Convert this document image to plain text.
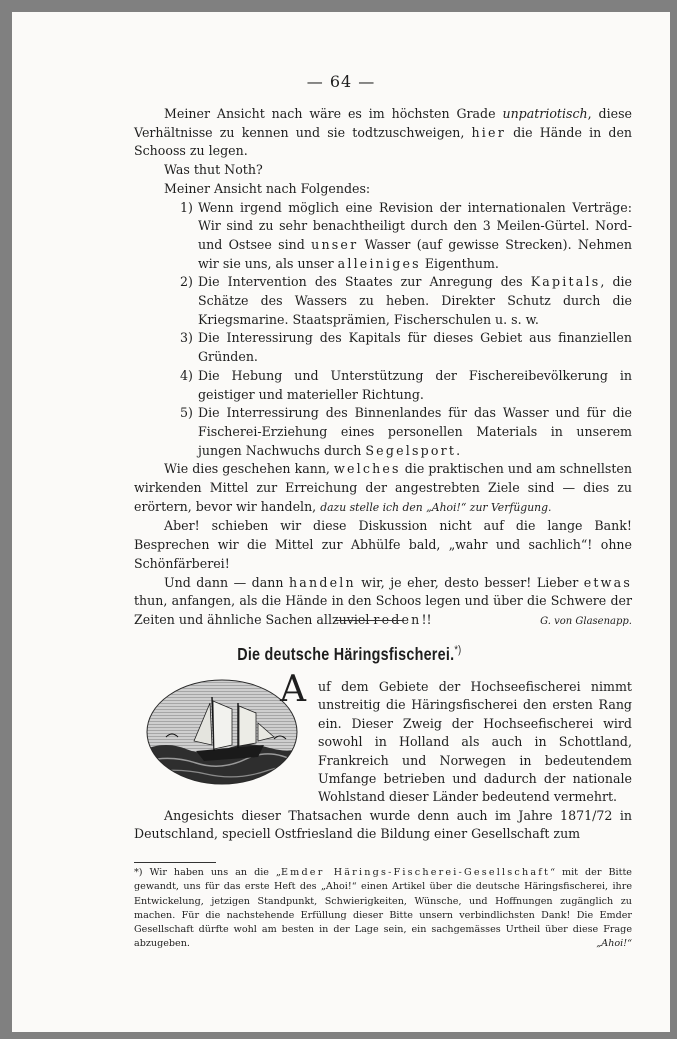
— 64 —

Meiner Ansicht nach wäre es im höchsten Grade unpatriotisch, diese Verhältnisse zu kennen und sie todtzuschweigen, hier die Hände in den Schooss zu legen.

Was thut Noth?

Meiner Ansicht nach Folgendes:

1) Wenn irgend möglich eine Revision der internationalen Verträge: Wir sind zu sehr benachtheiligt durch den 3 Meilen-Gürtel. Nord- und Ostsee sind unser Wasser (auf gewisse Strecken). Nehmen wir sie uns, als unser alleiniges Eigenthum.

2) Die Intervention des Staates zur Anregung des Kapitals, die Schätze des Wassers zu heben. Direkter Schutz durch die Kriegsmarine. Staatsprämien, Fischerschulen u. s. w.

3) Die Interessirung des Kapitals für dieses Gebiet aus finanziellen Gründen.

4) Die Hebung und Unterstützung der Fischereibevölkerung in geistiger und materieller Richtung.

5) Die Interressirung des Binnenlandes für das Wasser und für die Fischerei-Erziehung eines personellen Materials in unserem jungen Nachwuchs durch Segelsport.

Wie dies geschehen kann, welches die praktischen und am schnellsten wirkenden Mittel zur Erreichung der angestrebten Ziele sind — dies zu erörtern, bevor wir handeln, dazu stelle ich den „Ahoi!“ zur Verfügung.

Aber! schieben wir diese Diskussion nicht auf die lange Bank! Besprechen wir die Mittel zur Abhülfe bald, „wahr und sachlich“! ohne Schönfärberei!

Und dann — dann handeln wir, je eher, desto besser! Lieber etwas thun, anfangen, als die Hände in den Schoos legen und über die Schwere der Zeiten und ähnliche Sachen allzuviel reden!!	G. von Glasenapp.

Die deutsche Häringsfischerei.*)
A uf dem Gebiete der Hochseefischerei nimmt unstreitig die Häringsfischerei den ersten Rang ein. Dieser Zweig der Hochseefischerei wird sowohl in Holland als auch in Schottland, Frankreich und Norwegen in bedeutendem Umfange betrieben und dadurch der nationale Wohlstand dieser Länder bedeutend vermehrt.

Angesichts dieser Thatsachen wurde denn auch im Jahre 1871/72 in Deutschland, speciell Ostfriesland die Bildung einer Gesellschaft zum

*) Wir haben uns an die „Emder Härings-Fischerei-Gesellschaft“ mit der Bitte gewandt, uns für das erste Heft des „Ahoi!“ einen Artikel über die deutsche Häringsfischerei, ihre Entwickelung, jetzigen Standpunkt, Schwierigkeiten, Wünsche, und Hoffnungen zugänglich zu machen. Für die nachstehende Erfüllung dieser Bitte unsern verbindlichsten Dank! Die Emder Gesellschaft dürfte wohl am besten in der Lage sein, ein sachgemässes Urtheil über diese Frage abzugeben.	„Ahoi!“
